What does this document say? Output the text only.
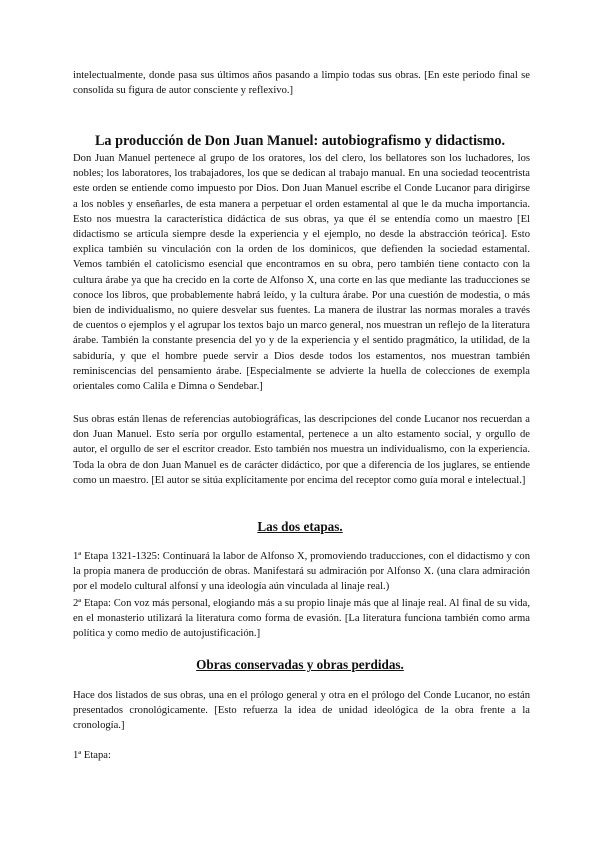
intelectualmente, donde pasa sus últimos años pasando a limpio todas sus obras. [En este periodo final se consolida su figura de autor consciente y reflexivo.]

La producción de Don Juan Manuel: autobiografismo y didactismo.

Don Juan Manuel pertenece al grupo de los oratores, los del clero, los bellatores son los luchadores, los nobles; los laboratores, los trabajadores, los que se dedican al trabajo manual. En una sociedad teocentrista este orden se entiende como impuesto por Dios. Don Juan Manuel escribe el Conde Lucanor para dirigirse a los nobles y enseñarles, de esta manera a perpetuar el orden estamental al que le da mucha importancia. Esto nos muestra la característica didáctica de sus obras, ya que él se entendía como un maestro [El didactismo se articula siempre desde la experiencia y el ejemplo, no desde la abstracción teórica]. Esto explica también su vinculación con la orden de los dominicos, que defienden la sociedad estamental. Vemos también el catolicismo esencial que encontramos en su obra, pero también tiene contacto con la cultura árabe ya que ha crecido en la corte de Alfonso X, una corte en las que mediante las traducciones se conoce los libros, que probablemente habrá leído, y la cultura árabe. Por una cuestión de modestia, o más bien de individualismo, no quiere desvelar sus fuentes. La manera de ilustrar las normas morales a través de cuentos o ejemplos y el agrupar los textos bajo un marco general, nos muestran un reflejo de la literatura árabe. También la constante presencia del yo y de la experiencia y el sentido pragmático, la utilidad, de la sabiduría, y que el hombre puede servir a Dios desde todos los estamentos, nos muestran también reminiscencias del pensamiento árabe. [Especialmente se advierte la huella de colecciones de exempla orientales como Calila e Dimna o Sendebar.]

Sus obras están llenas de referencias autobiográficas, las descripciones del conde Lucanor nos recuerdan a don Juan Manuel. Esto sería por orgullo estamental, pertenece a un alto estamento social, y orgullo de autor, el orgullo de ser el escritor creador. Esto también nos muestra un individualismo, con la experiencia. Toda la obra de don Juan Manuel es de carácter didáctico, por que a diferencia de los juglares, se entiende como un maestro. [El autor se sitúa explícitamente por encima del receptor como guía moral e intelectual.]

Las dos etapas.

1ª Etapa 1321-1325: Continuará la labor de Alfonso X, promoviendo traducciones, con el didactismo y con la propia manera de producción de obras. Manifestará su admiración por Alfonso X. (una clara admiración por el modelo cultural alfonsí y una ideología aún vinculada al linaje real.)

2ª Etapa: Con voz más personal, elogiando más a su propio linaje más que al linaje real. Al final de su vida, en el monasterio utilizará la literatura como forma de evasión. [La literatura funciona también como arma política y como medio de autojustificación.]

Obras conservadas y obras perdidas.

Hace dos listados de sus obras, una en el prólogo general y otra en el prólogo del Conde Lucanor, no están presentados cronológicamente. [Esto refuerza la idea de unidad ideológica de la obra frente a la cronología.]

1ª Etapa:
